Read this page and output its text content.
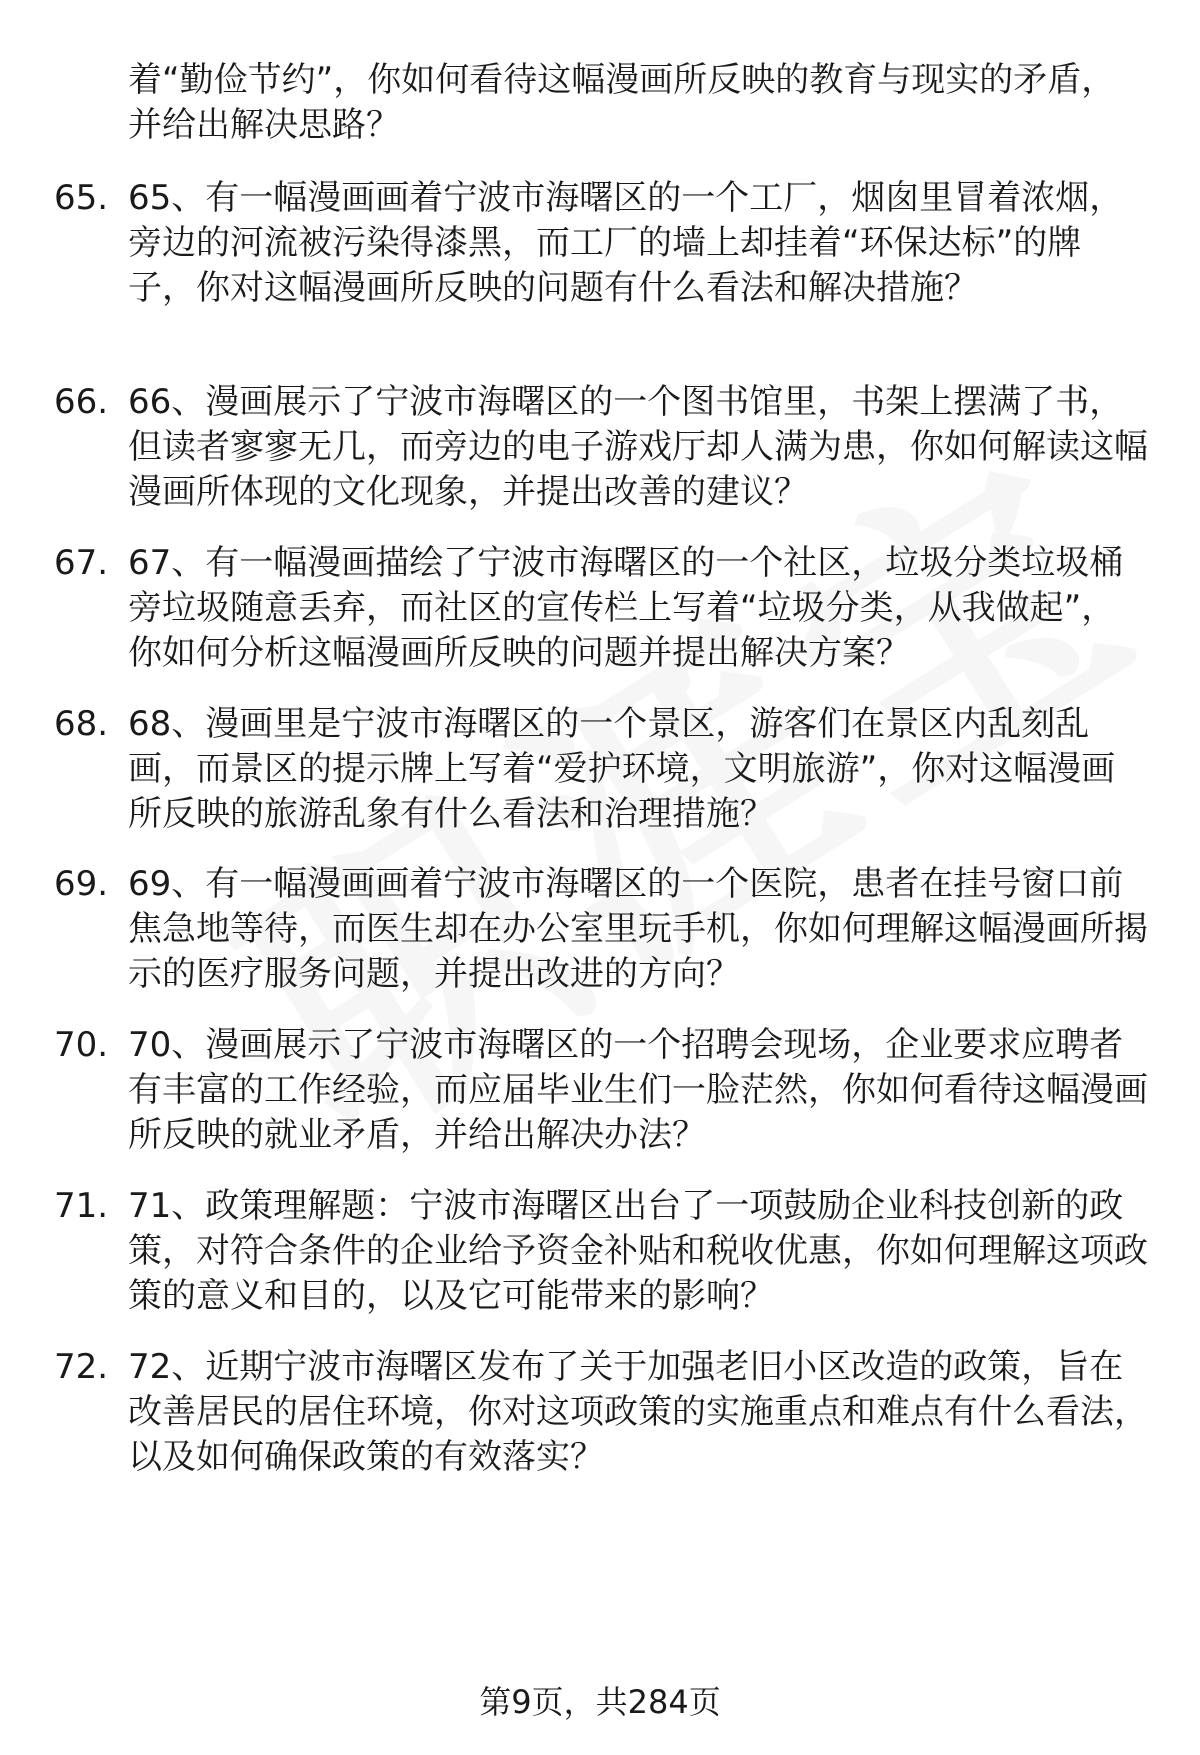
着“勤俭节约”，你如何看待这幅漫画所反映的教育与现实的矛盾，并给出解决思路？
65. 65、有一幅漫画画着宁波市海曙区的一个工厂，烟囱里冒着浓烟，旁边的河流被污染得漆黑，而工厂的墙上却挂着“环保达标”的牌子，你对这幅漫画所反映的问题有什么看法和解决措施？
66. 66、漫画展示了宁波市海曙区的一个图书馆里，书架上摆满了书，但读者寥寥无几，而旁边的电子游戏厅却人满为患，你如何解读这幅漫画所体现的文化现象，并提出改善的建议？
67. 67、有一幅漫画描绘了宁波市海曙区的一个社区，垃圾分类垃圾桶旁垃圾随意丢弃，而社区的宣传栏上写着“垃圾分类，从我做起”，你如何分析这幅漫画所反映的问题并提出解决方案？
68. 68、漫画里是宁波市海曙区的一个景区，游客们在景区内乱刻乱画，而景区的提示牌上写着“爱护环境，文明旅游”，你对这幅漫画所反映的旅游乱象有什么看法和治理措施？
69. 69、有一幅漫画画着宁波市海曙区的一个医院，患者在挂号窗口前焦急地等待，而医生却在办公室里玩手机，你如何理解这幅漫画所揭示的医疗服务问题，并提出改进的方向？
70. 70、漫画展示了宁波市海曙区的一个招聘会现场，企业要求应聘者有丰富的工作经验，而应届毕业生们一脸茫然，你如何看待这幅漫画所反映的就业矛盾，并给出解决办法？
71. 71、政策理解题：宁波市海曙区出台了一项鼓励企业科技创新的政策，对符合条件的企业给予资金补贴和税收优惠，你如何理解这项政策的意义和目的，以及它可能带来的影响？
72. 72、近期宁波市海曙区发布了关于加强老旧小区改造的政策，旨在改善居民的居住环境，你对这项政策的实施重点和难点有什么看法，以及如何确保政策的有效落实？
第9页，共284页
